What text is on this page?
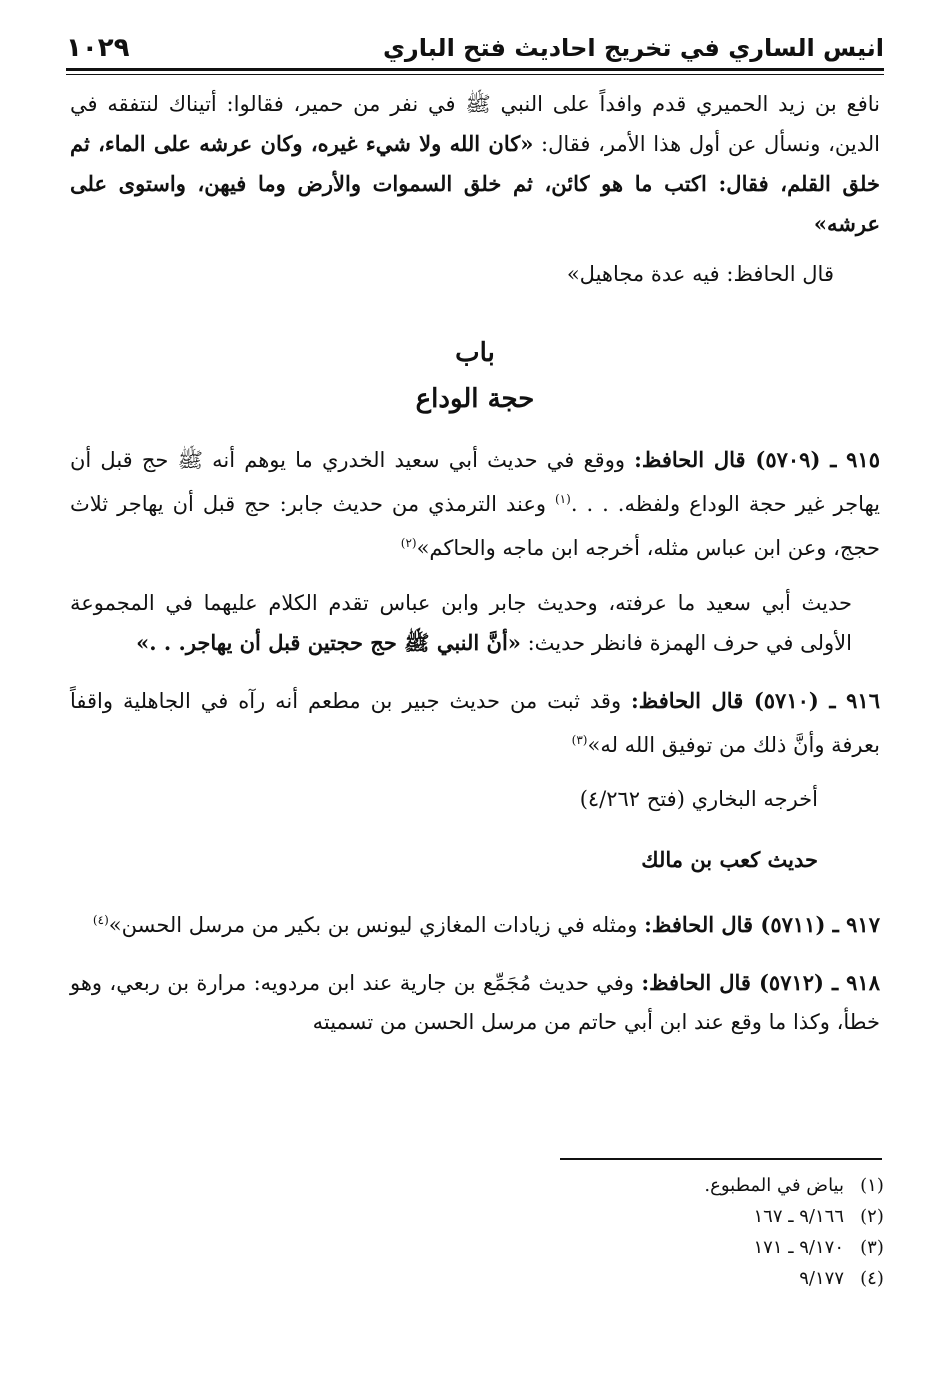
انيس الساري في تخريج احاديث فتح الباري
١٠٢٩

نافع بن زيد الحميري قدم وافداً على النبي ﷺ في نفر من حمير، فقالوا: أتيناك لنتفقه في الدين، ونسأل عن أول هذا الأمر، فقال: «كان الله ولا شيء غيره، وكان عرشه على الماء، ثم خلق القلم، فقال: اكتب ما هو كائن، ثم خلق السموات والأرض وما فيهن، واستوى على عرشه»

قال الحافظ: فيه عدة مجاهيل»

باب

حجة الوداع

٩١٥ ـ (٥٧٠٩) قال الحافظ: ووقع في حديث أبي سعيد الخدري ما يوهم أنه ﷺ حج قبل أن يهاجر غير حجة الوداع ولفظه. . . .$^{(١)}$ وعند الترمذي من حديث جابر: حج قبل أن يهاجر ثلاث حجج، وعن ابن عباس مثله، أخرجه ابن ماجه والحاكم»$^{(٢)}$

حديث أبي سعيد ما عرفته، وحديث جابر وابن عباس تقدم الكلام عليهما في المجموعة الأولى في حرف الهمزة فانظر حديث: «أنَّ النبي ﷺ حج حجتين قبل أن يهاجر. . .»

٩١٦ ـ (٥٧١٠) قال الحافظ: وقد ثبت من حديث جبير بن مطعم أنه رآه في الجاهلية واقفاً بعرفة وأنَّ ذلك من توفيق الله له»$^{(٣)}$

أخرجه البخاري (فتح ٤/٢٦٢)

حديث كعب بن مالك

٩١٧ ـ (٥٧١١) قال الحافظ: ومثله في زيادات المغازي ليونس بن بكير من مرسل الحسن»$^{(٤)}$

٩١٨ ـ (٥٧١٢) قال الحافظ: وفي حديث مُجَمِّع بن جارية عند ابن مردويه: مرارة بن ربعي، وهو خطأ، وكذا ما وقع عند ابن أبي حاتم من مرسل الحسن من تسميته

(١)
بياض في المطبوع.
(٢)
٩/١٦٦ ـ ١٦٧
(٣)
٩/١٧٠ ـ ١٧١
(٤)
٩/١٧٧
